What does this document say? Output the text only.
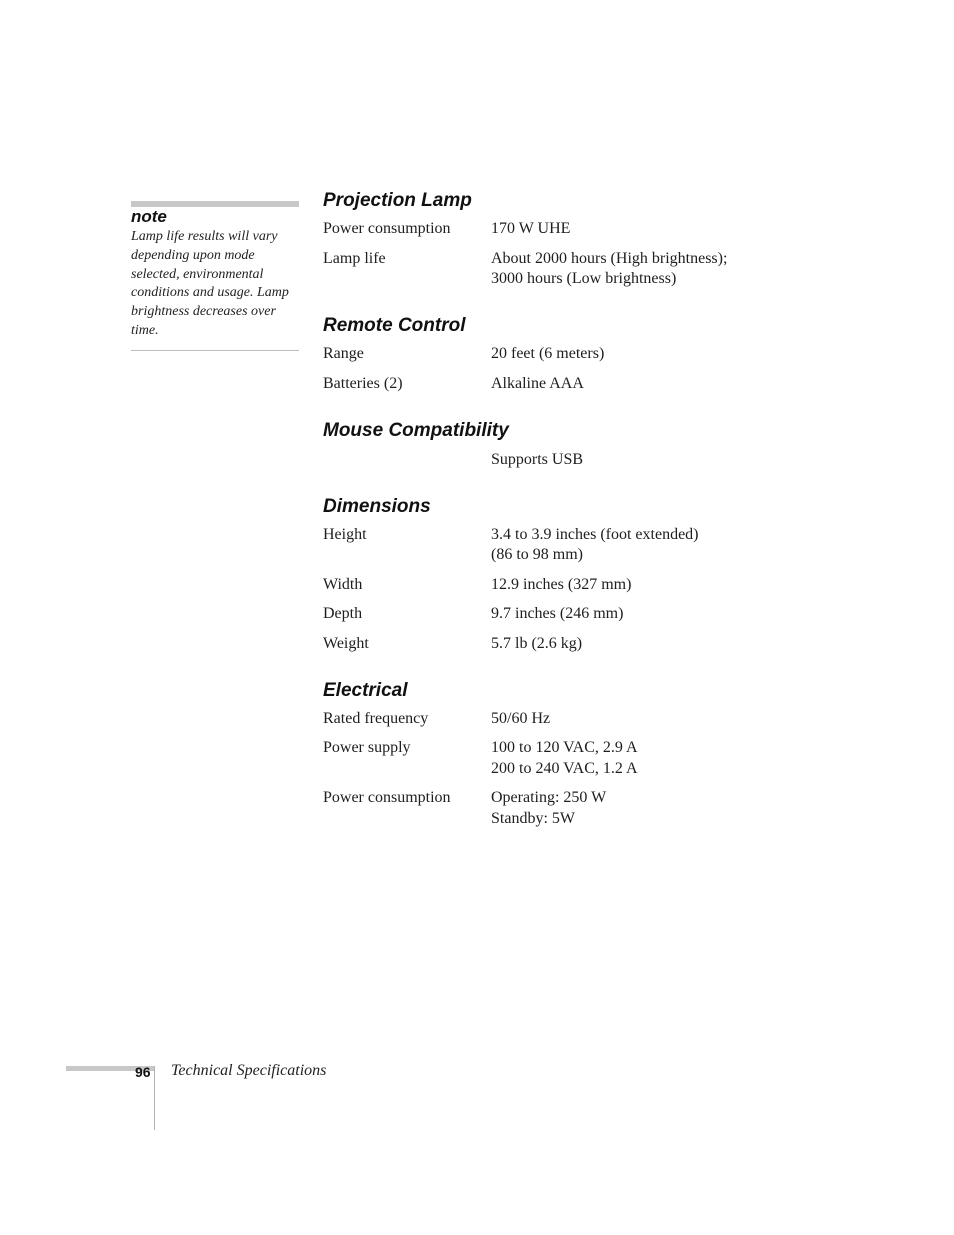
note
Lamp life results will vary depending upon mode selected, environmental conditions and usage. Lamp brightness decreases over time.
Projection Lamp
Power consumption	170 W UHE
Lamp life	About 2000 hours (High brightness);
3000 hours (Low brightness)
Remote Control
Range	20 feet (6 meters)
Batteries (2)	Alkaline AAA
Mouse Compatibility
Supports USB
Dimensions
Height	3.4 to 3.9 inches (foot extended)
(86 to 98 mm)
Width	12.9 inches (327 mm)
Depth	9.7 inches (246 mm)
Weight	5.7 lb (2.6 kg)
Electrical
Rated frequency	50/60 Hz
Power supply	100 to 120 VAC, 2.9 A
200 to 240 VAC, 1.2 A
Power consumption	Operating: 250 W
Standby: 5W
96 Technical Specifications
